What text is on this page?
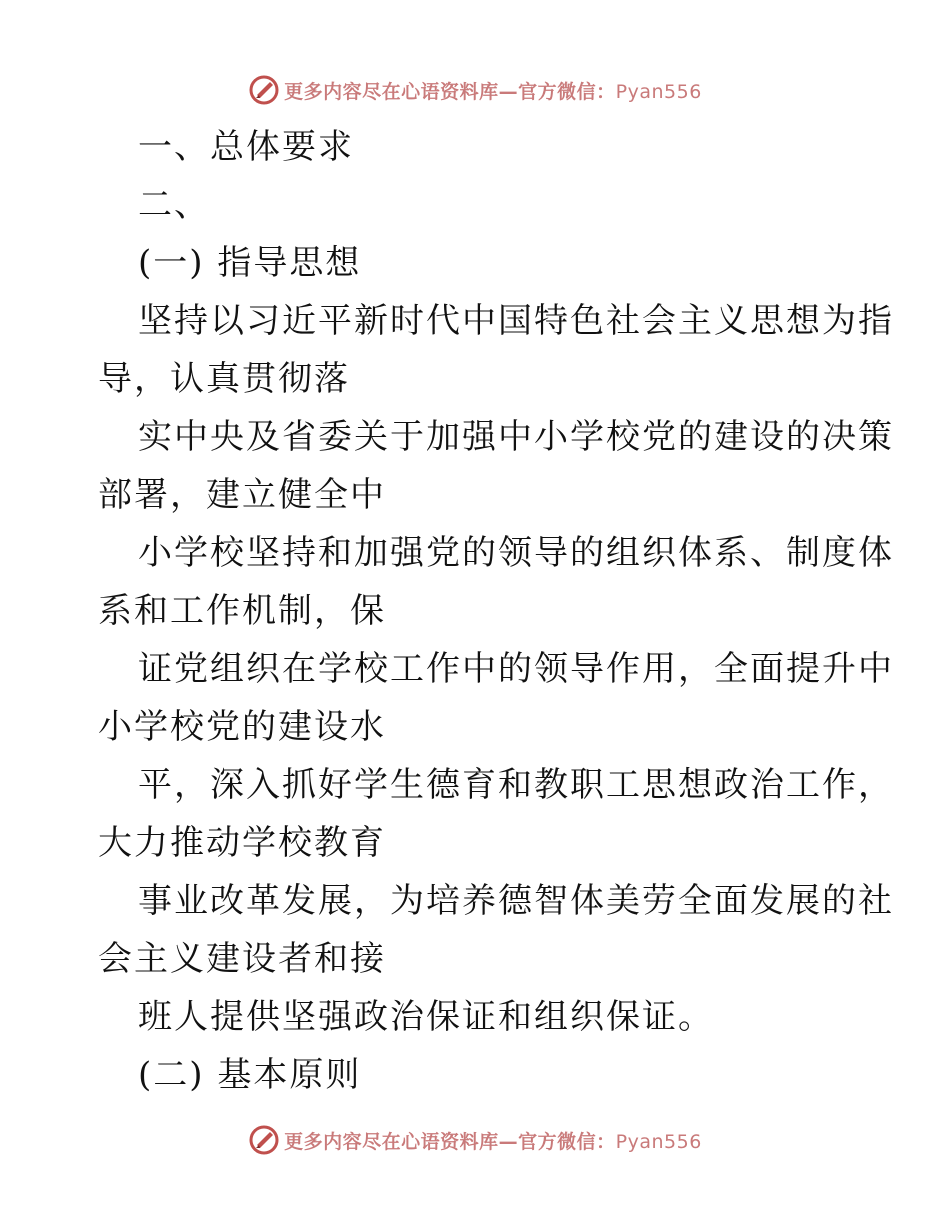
更多内容尽在心语资料库—官方微信：Pyan556
一、总体要求
二、
(一) 指导思想
坚持以习近平新时代中国特色社会主义思想为指
导，认真贯彻落
实中央及省委关于加强中小学校党的建设的决策
部署，建立健全中
小学校坚持和加强党的领导的组织体系、制度体
系和工作机制，保
证党组织在学校工作中的领导作用，全面提升中
小学校党的建设水
平，深入抓好学生德育和教职工思想政治工作，
大力推动学校教育
事业改革发展，为培养德智体美劳全面发展的社
会主义建设者和接
班人提供坚强政治保证和组织保证。
(二) 基本原则
更多内容尽在心语资料库—官方微信：Pyan556
